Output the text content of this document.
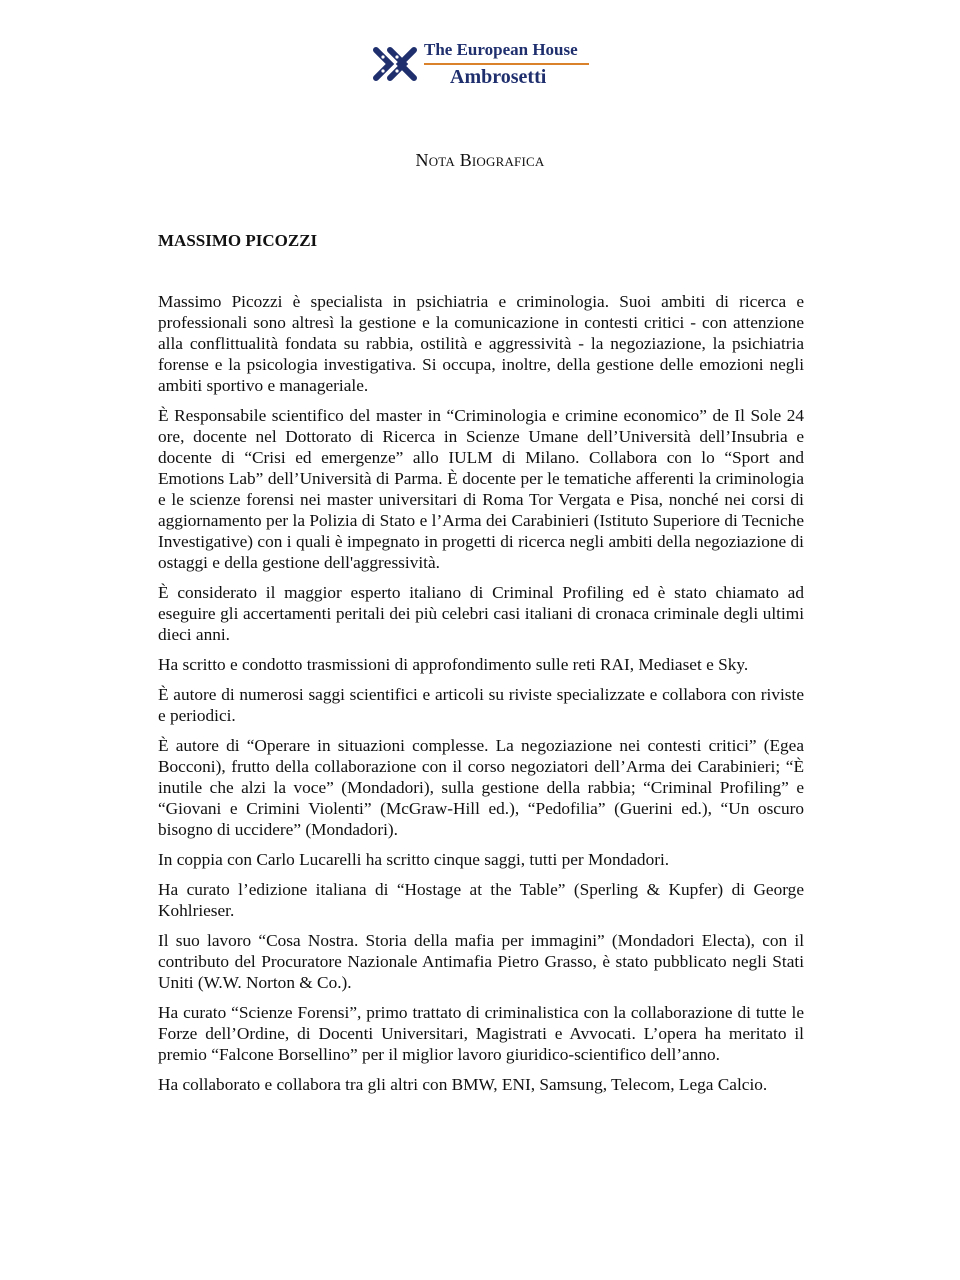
The European House
Ambrosetti
Nota Biografica
MASSIMO PICOZZI

Massimo Picozzi è specialista in psichiatria e criminologia. Suoi ambiti di ricerca e professionali sono altresì la gestione e la comunicazione in contesti critici - con attenzione alla conflittualità fondata su rabbia, ostilità e aggressività - la negoziazione, la psichiatria forense e la psicologia investigativa. Si occupa, inoltre, della gestione delle emozioni negli ambiti sportivo e manageriale.

È Responsabile scientifico del master in “Criminologia e crimine economico” de Il Sole 24 ore, docente nel Dottorato di Ricerca in Scienze Umane dell’Università dell’Insubria e docente di “Crisi ed emergenze” allo IULM di Milano. Collabora con lo “Sport and Emotions Lab” dell’Università di Parma. È docente per le tematiche afferenti la criminologia e le scienze forensi nei master universitari di Roma Tor Vergata e Pisa, nonché nei corsi di aggiornamento per la Polizia di Stato e l’Arma dei Carabinieri (Istituto Superiore di Tecniche Investigative) con i quali è impegnato in progetti di ricerca negli ambiti della negoziazione di ostaggi e della gestione dell'aggressività.

È considerato il maggior esperto italiano di Criminal Profiling ed è stato chiamato ad eseguire gli accertamenti peritali dei più celebri casi italiani di cronaca criminale degli ultimi dieci anni.

Ha scritto e condotto trasmissioni di approfondimento sulle reti RAI, Mediaset e Sky.

È autore di numerosi saggi scientifici e articoli su riviste specializzate e collabora con riviste e periodici.

È autore di “Operare in situazioni complesse. La negoziazione nei contesti critici” (Egea Bocconi), frutto della collaborazione con il corso negoziatori dell’Arma dei Carabinieri; “È inutile che alzi la voce” (Mondadori), sulla gestione della rabbia; “Criminal Profiling” e “Giovani e Crimini Violenti” (McGraw-Hill ed.), “Pedofilia” (Guerini ed.), “Un oscuro bisogno di uccidere” (Mondadori).

In coppia con Carlo Lucarelli ha scritto cinque saggi, tutti per Mondadori.

Ha curato l’edizione italiana di “Hostage at the Table” (Sperling & Kupfer) di George Kohlrieser.

Il suo lavoro “Cosa Nostra. Storia della mafia per immagini” (Mondadori Electa), con il contributo del Procuratore Nazionale Antimafia Pietro Grasso, è stato pubblicato negli Stati Uniti (W.W. Norton & Co.).

Ha curato “Scienze Forensi”, primo trattato di criminalistica con la collaborazione di tutte le Forze dell’Ordine, di Docenti Universitari, Magistrati e Avvocati. L’opera ha meritato il premio “Falcone Borsellino” per il miglior lavoro giuridico-scientifico dell’anno.

Ha collaborato e collabora tra gli altri con BMW, ENI, Samsung, Telecom, Lega Calcio.
